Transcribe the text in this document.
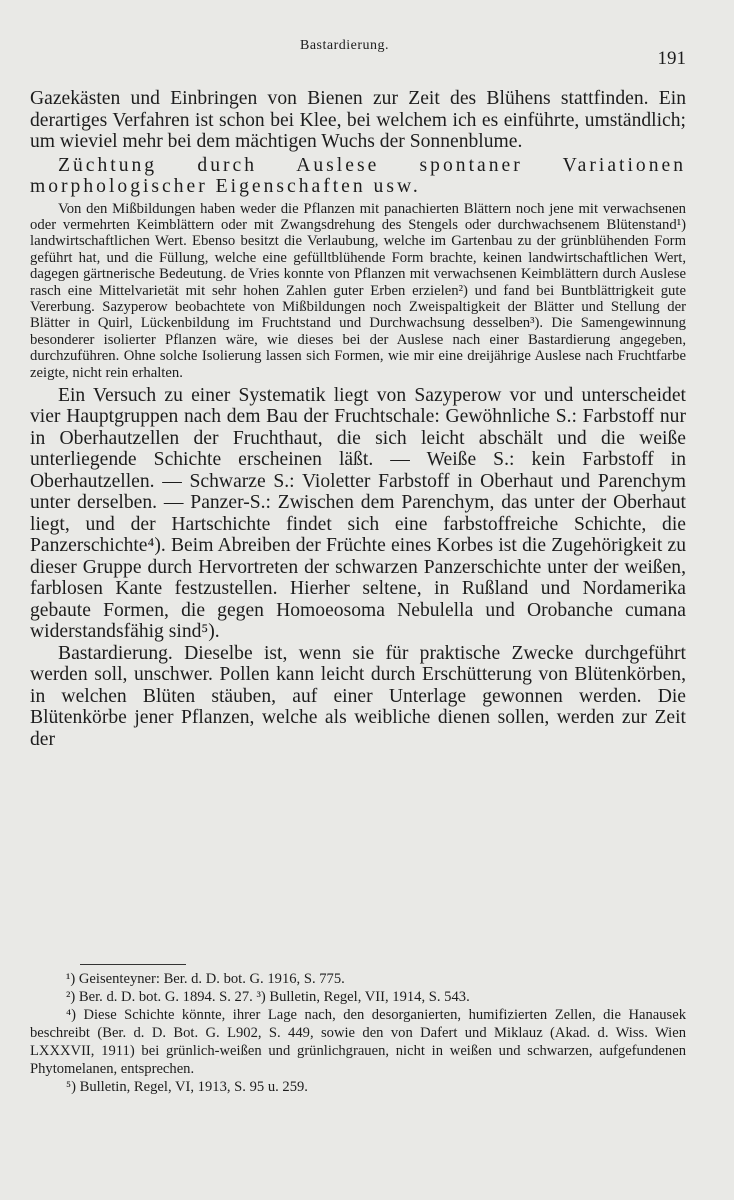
Bastardierung.
191

Gazekästen und Einbringen von Bienen zur Zeit des Blühens stattfinden. Ein derartiges Verfahren ist schon bei Klee, bei welchem ich es einführte, umständlich; um wieviel mehr bei dem mächtigen Wuchs der Sonnenblume.

Züchtung durch Auslese spontaner Variationen morphologischer Eigenschaften usw.

Von den Mißbildungen haben weder die Pflanzen mit panachierten Blättern noch jene mit verwachsenen oder vermehrten Keimblättern oder mit Zwangsdrehung des Stengels oder durchwachsenem Blütenstand¹) landwirtschaftlichen Wert. Ebenso besitzt die Verlaubung, welche im Gartenbau zu der grünblühenden Form geführt hat, und die Füllung, welche eine gefülltblühende Form brachte, keinen landwirtschaftlichen Wert, dagegen gärtnerische Bedeutung. de Vries konnte von Pflanzen mit verwachsenen Keimblättern durch Auslese rasch eine Mittelvarietät mit sehr hohen Zahlen guter Erben erzielen²) und fand bei Buntblättrigkeit gute Vererbung. Sazyperow beobachtete von Mißbildungen noch Zweispaltigkeit der Blätter und Stellung der Blätter in Quirl, Lückenbildung im Fruchtstand und Durchwachsung desselben³). Die Samengewinnung besonderer isolierter Pflanzen wäre, wie dieses bei der Auslese nach einer Bastardierung angegeben, durchzuführen. Ohne solche Isolierung lassen sich Formen, wie mir eine dreijährige Auslese nach Fruchtfarbe zeigte, nicht rein erhalten.

Ein Versuch zu einer Systematik liegt von Sazyperow vor und unterscheidet vier Hauptgruppen nach dem Bau der Fruchtschale: Gewöhnliche S.: Farbstoff nur in Oberhautzellen der Fruchthaut, die sich leicht abschält und die weiße unterliegende Schichte erscheinen läßt. — Weiße S.: kein Farbstoff in Oberhautzellen. — Schwarze S.: Violetter Farbstoff in Oberhaut und Parenchym unter derselben. — Panzer-S.: Zwischen dem Parenchym, das unter der Oberhaut liegt, und der Hartschichte findet sich eine farbstoffreiche Schichte, die Panzerschichte⁴). Beim Abreiben der Früchte eines Korbes ist die Zugehörigkeit zu dieser Gruppe durch Hervortreten der schwarzen Panzerschichte unter der weißen, farblosen Kante festzustellen. Hierher seltene, in Rußland und Nordamerika gebaute Formen, die gegen Homoeosoma Nebulella und Orobanche cumana widerstandsfähig sind⁵).

Bastardierung. Dieselbe ist, wenn sie für praktische Zwecke durchgeführt werden soll, unschwer. Pollen kann leicht durch Erschütterung von Blütenkörben, in welchen Blüten stäuben, auf einer Unterlage gewonnen werden. Die Blütenkörbe jener Pflanzen, welche als weibliche dienen sollen, werden zur Zeit der

¹) Geisenteyner: Ber. d. D. bot. G. 1916, S. 775.

²) Ber. d. D. bot. G. 1894. S. 27. ³) Bulletin, Regel, VII, 1914, S. 543.

⁴) Diese Schichte könnte, ihrer Lage nach, den desorganierten, humifizierten Zellen, die Hanausek beschreibt (Ber. d. D. Bot. G. L902, S. 449, sowie den von Dafert und Miklauz (Akad. d. Wiss. Wien LXXXVII, 1911) bei grünlich-weißen und grünlichgrauen, nicht in weißen und schwarzen, aufgefundenen Phytomelanen, entsprechen.

⁵) Bulletin, Regel, VI, 1913, S. 95 u. 259.
